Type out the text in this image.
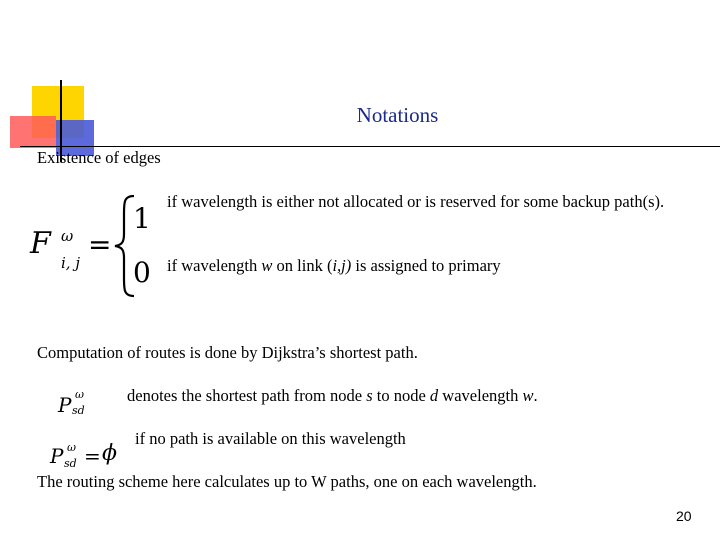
Notations
Existence of edges
F ω
i, j
=
1
0
if wavelength is either not allocated or is reserved for some backup path(s).
if wavelength w on link (i,j) is assigned to primary
Computation of routes is done by Dijkstra’s shortest path.
P ω
sd
denotes the shortest path from node s to node d wavelength w.
if no path is available on this wavelength
P ω
sd = ϕ
The routing scheme here calculates up to W paths, one on each wavelength.
20
